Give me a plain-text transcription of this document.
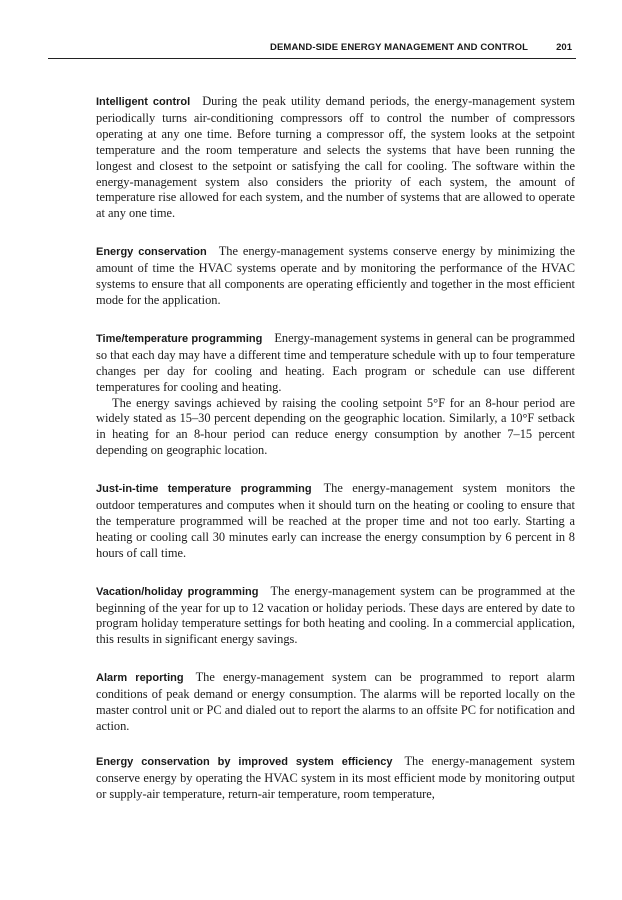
DEMAND-SIDE ENERGY MANAGEMENT AND CONTROL	201

Intelligent control During the peak utility demand periods, the energy-management system periodically turns air-conditioning compressors off to control the number of compressors operating at any one time. Before turning a compressor off, the system looks at the setpoint temperature and the room temperature and selects the systems that have been running the longest and closest to the setpoint or satisfying the call for cooling. The software within the energy-management system also considers the priority of each system, the amount of temperature rise allowed for each system, and the number of systems that are allowed to operate at any one time.

Energy conservation The energy-management systems conserve energy by minimizing the amount of time the HVAC systems operate and by monitoring the performance of the HVAC systems to ensure that all components are operating efficiently and together in the most efficient mode for the application.

Time/temperature programming Energy-management systems in general can be programmed so that each day may have a different time and temperature schedule with up to four temperature changes per day for cooling and heating. Each program or schedule can use different temperatures for cooling and heating.

The energy savings achieved by raising the cooling setpoint 5°F for an 8-hour period are widely stated as 15–30 percent depending on the geographic location. Similarly, a 10°F setback in heating for an 8-hour period can reduce energy consumption by another 7–15 percent depending on geographic location.

Just-in-time temperature programming The energy-management system monitors the outdoor temperatures and computes when it should turn on the heating or cooling to ensure that the temperature programmed will be reached at the proper time and not too early. Starting a heating or cooling call 30 minutes early can increase the energy consumption by 6 percent in 8 hours of call time.

Vacation/holiday programming The energy-management system can be programmed at the beginning of the year for up to 12 vacation or holiday periods. These days are entered by date to program holiday temperature settings for both heating and cooling. In a commercial application, this results in significant energy savings.

Alarm reporting The energy-management system can be programmed to report alarm conditions of peak demand or energy consumption. The alarms will be reported locally on the master control unit or PC and dialed out to report the alarms to an offsite PC for notification and action.

Energy conservation by improved system efficiency The energy-management system conserve energy by operating the HVAC system in its most efficient mode by monitoring output or supply-air temperature, return-air temperature, room temperature,
